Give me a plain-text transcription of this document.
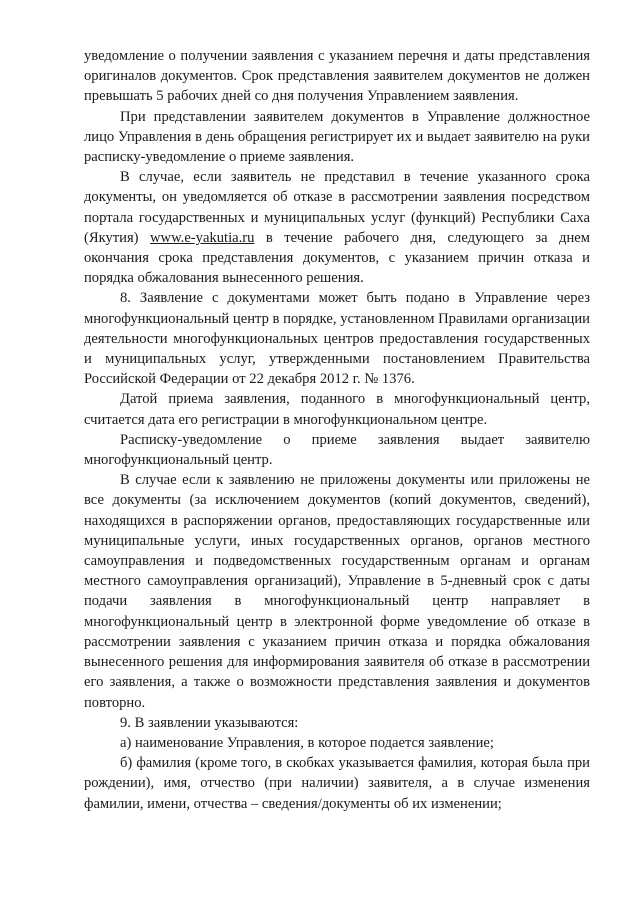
уведомление о получении заявления с указанием перечня и даты представления оригиналов документов. Срок представления заявителем документов не должен превышать 5 рабочих дней со дня получения Управлением заявления.

При представлении заявителем документов в Управление должностное лицо Управления в день обращения регистрирует их и выдает заявителю на руки расписку-уведомление о приеме заявления.

В случае, если заявитель не представил в течение указанного срока документы, он уведомляется об отказе в рассмотрении заявления посредством портала государственных и муниципальных услуг (функций) Республики Саха (Якутия) www.e-yakutia.ru в течение рабочего дня, следующего за днем окончания срока представления документов, с указанием причин отказа и порядка обжалования вынесенного решения.

8. Заявление с документами может быть подано в Управление через многофункциональный центр в порядке, установленном Правилами организации деятельности многофункциональных центров предоставления государственных и муниципальных услуг, утвержденными постановлением Правительства Российской Федерации от 22 декабря 2012 г. № 1376.

Датой приема заявления, поданного в многофункциональный центр, считается дата его регистрации в многофункциональном центре.

Расписку-уведомление о приеме заявления выдает заявителю многофункциональный центр.

В случае если к заявлению не приложены документы или приложены не все документы (за исключением документов (копий документов, сведений), находящихся в распоряжении органов, предоставляющих государственные или муниципальные услуги, иных государственных органов, органов местного самоуправления и подведомственных государственным органам и органам местного самоуправления организаций), Управление в 5-дневный срок с даты подачи заявления в многофункциональный центр направляет в многофункциональный центр в электронной форме уведомление об отказе в рассмотрении заявления с указанием причин отказа и порядка обжалования вынесенного решения для информирования заявителя об отказе в рассмотрении его заявления, а также о возможности представления заявления и документов повторно.

9. В заявлении указываются:

а) наименование Управления, в которое подается заявление;

б) фамилия (кроме того, в скобках указывается фамилия, которая была при рождении), имя, отчество (при наличии) заявителя, а в случае изменения фамилии, имени, отчества – сведения/документы об их изменении;
